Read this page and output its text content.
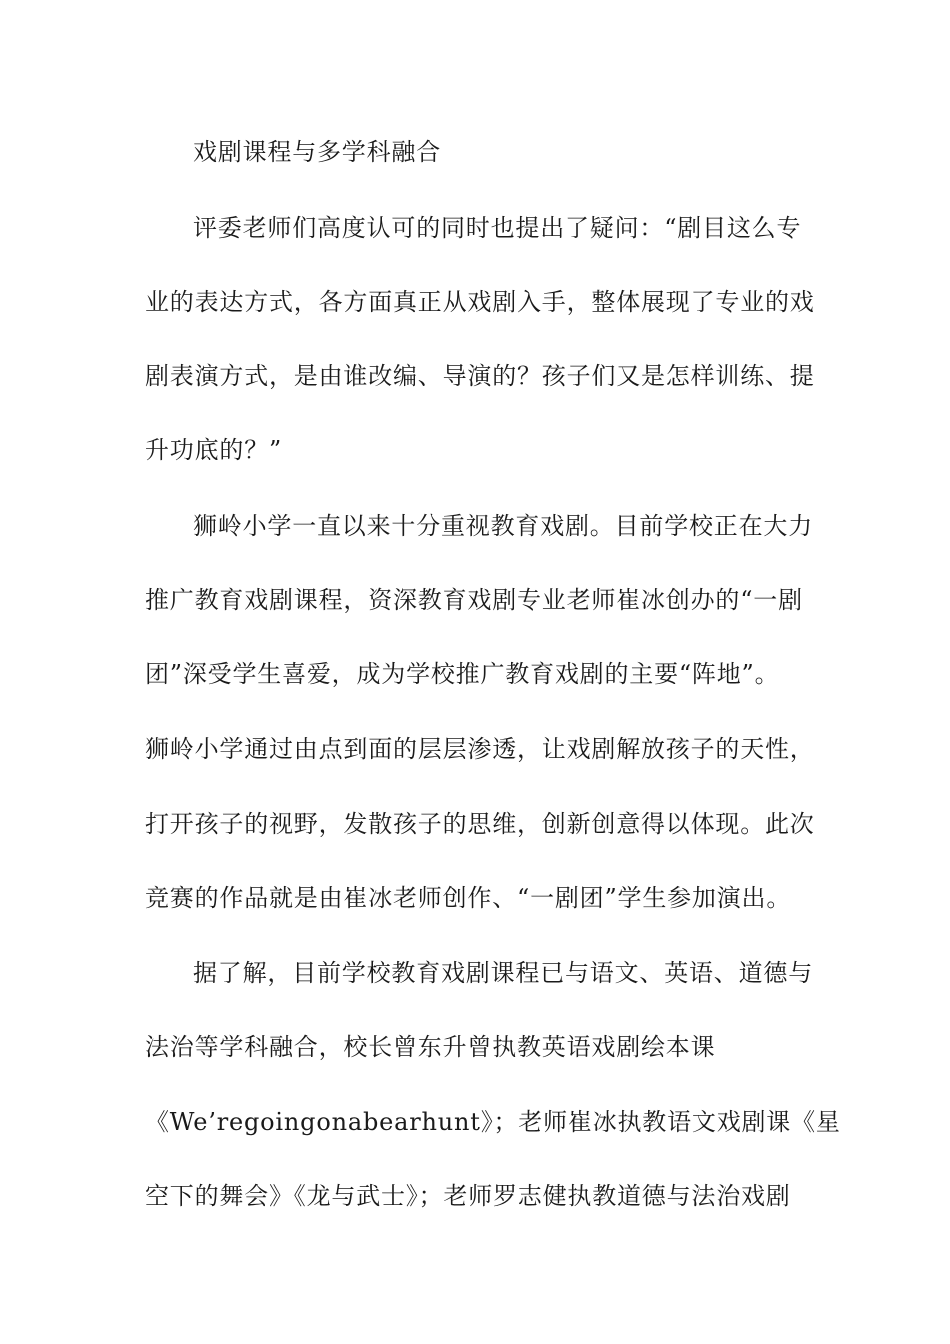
戏剧课程与多学科融合
评委老师们高度认可的同时也提出了疑问：“剧目这么专
业的表达方式，各方面真正从戏剧入手，整体展现了专业的戏
剧表演方式，是由谁改编、导演的？孩子们又是怎样训练、提
升功底的？”
狮岭小学一直以来十分重视教育戏剧。目前学校正在大力
推广教育戏剧课程，资深教育戏剧专业老师崔冰创办的“一剧
团”深受学生喜爱，成为学校推广教育戏剧的主要“阵地”。
狮岭小学通过由点到面的层层渗透，让戏剧解放孩子的天性，
打开孩子的视野，发散孩子的思维，创新创意得以体现。此次
竞赛的作品就是由崔冰老师创作、“一剧团”学生参加演出。
据了解，目前学校教育戏剧课程已与语文、英语、道德与
法治等学科融合，校长曾东升曾执教英语戏剧绘本课
《We’regoingonabearhunt》；老师崔冰执教语文戏剧课《星
空下的舞会》《龙与武士》；老师罗志健执教道德与法治戏剧
